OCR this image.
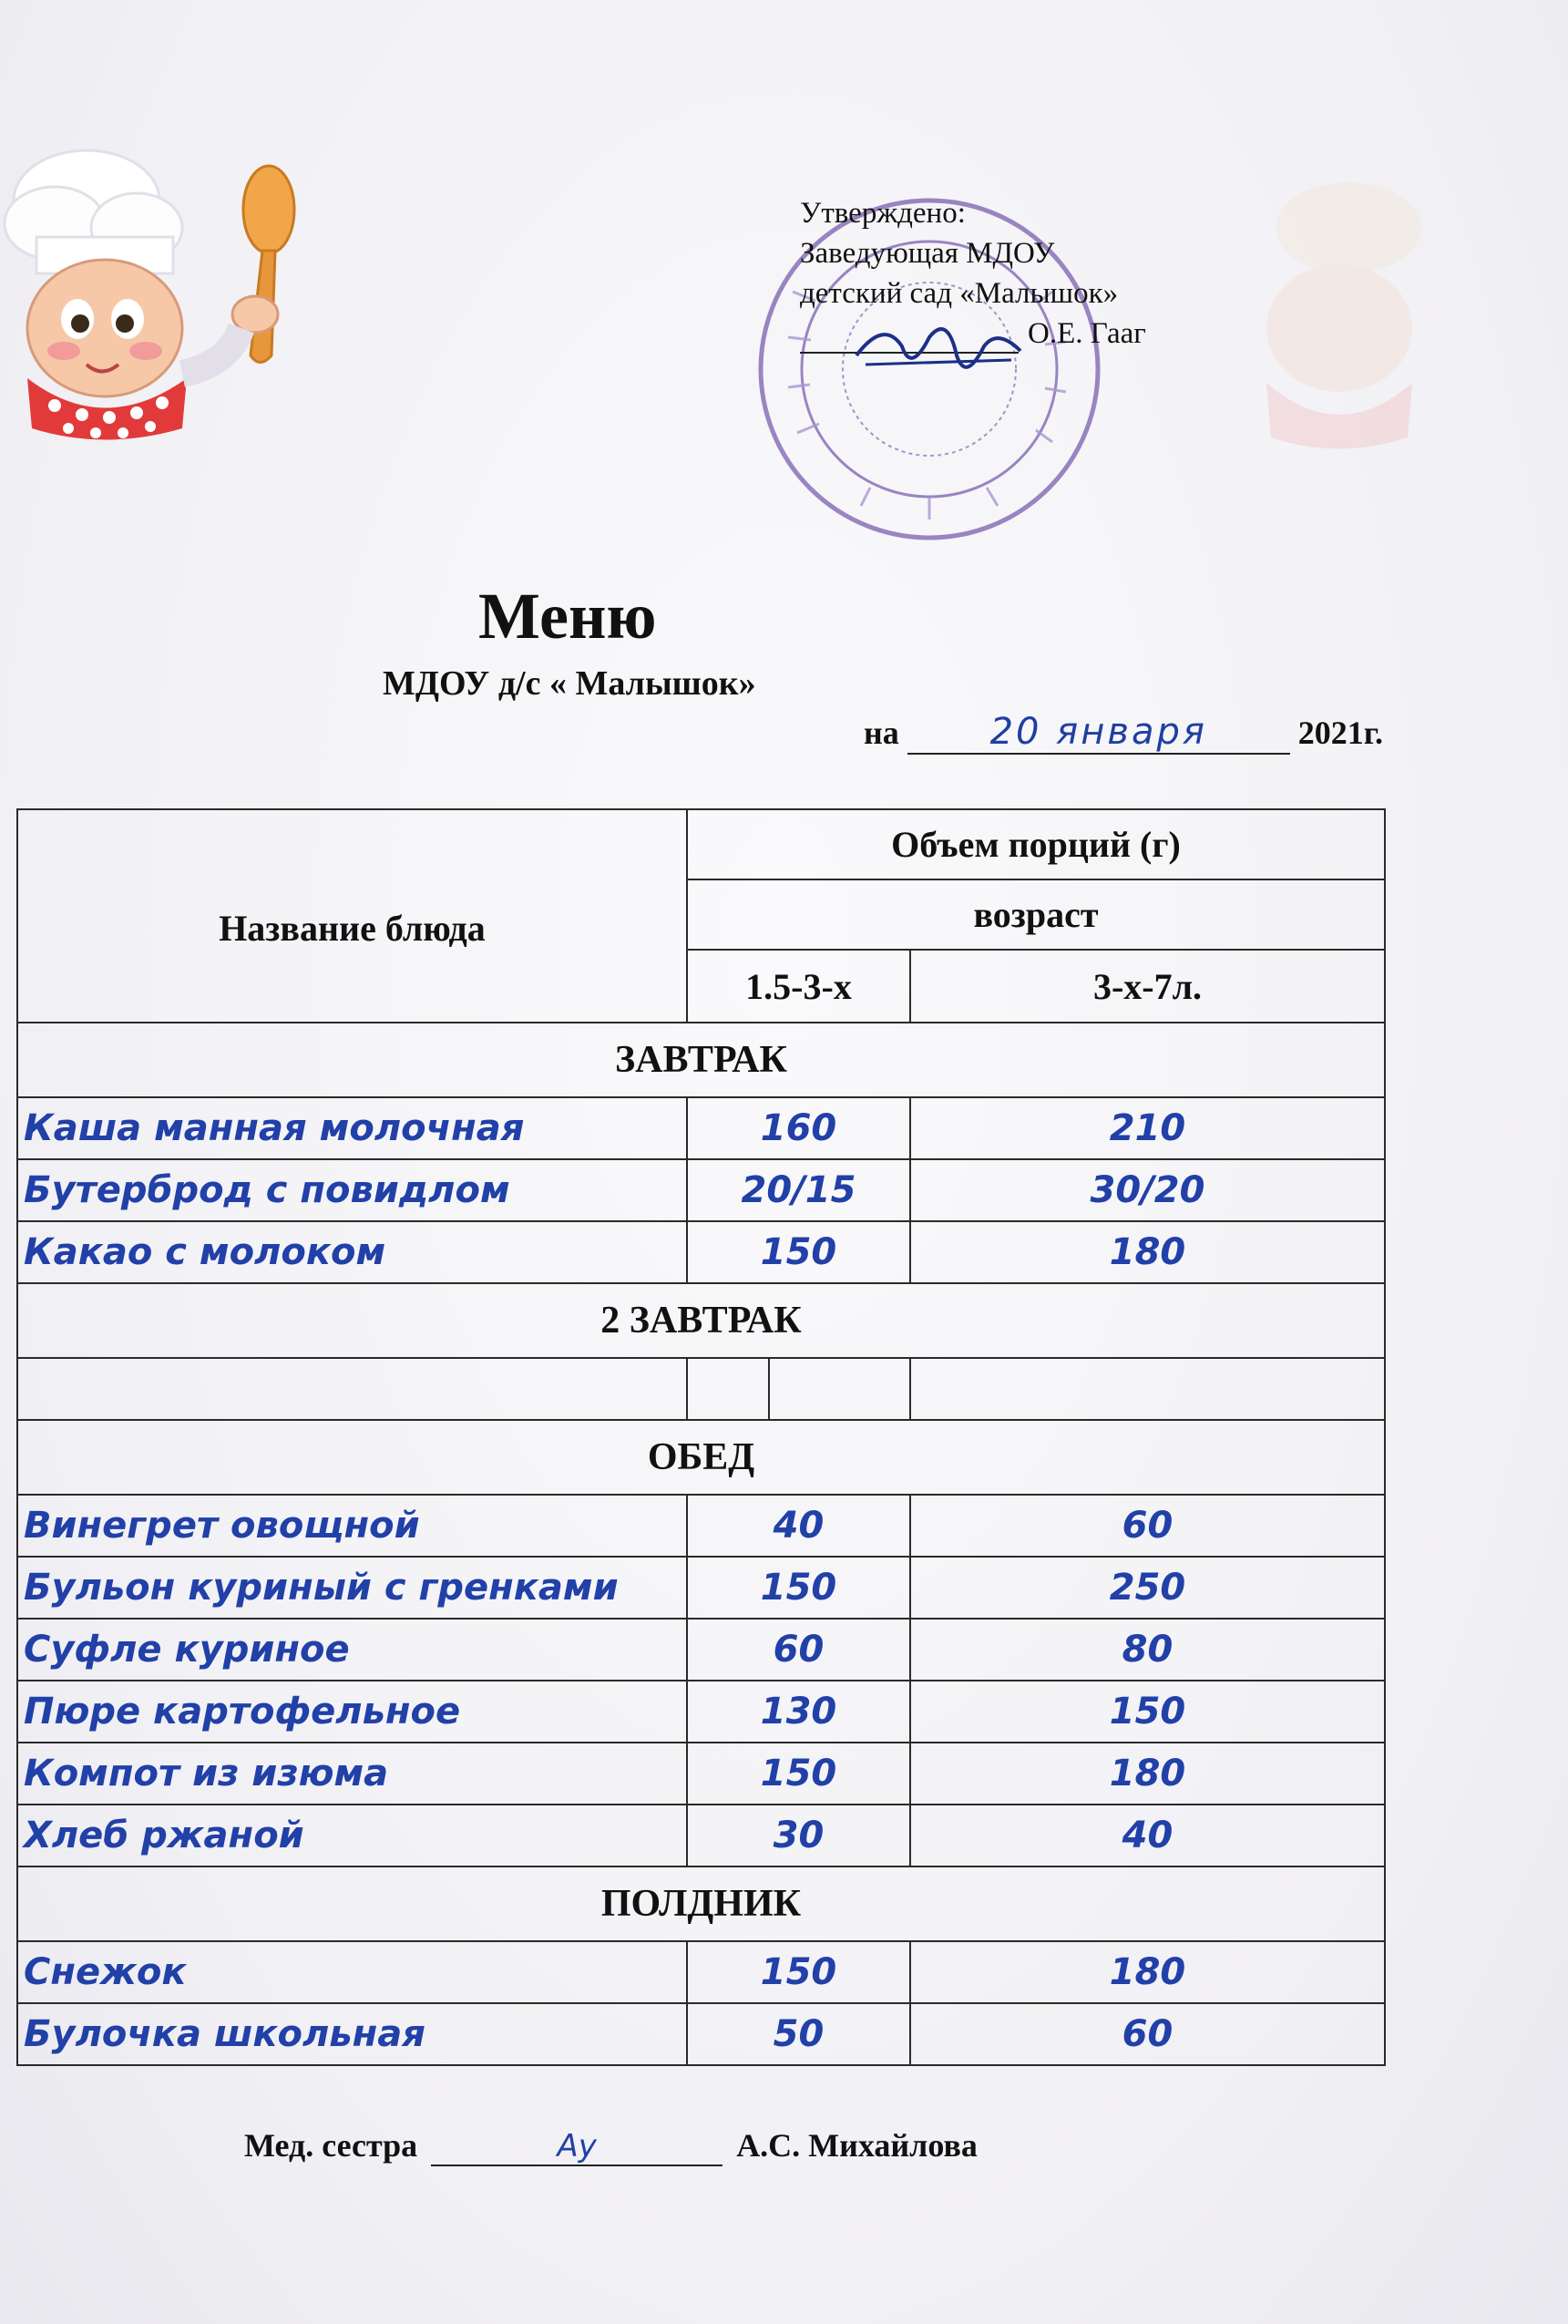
Утверждено:
Заведующая МДОУ
детский сад «Малышок»
О.Е. Гааг
Меню
МДОУ д/с « Малышок»
на 20 января	2021г.
Название блюда	Объем порций (г)		
	возраст		
	1.5-3-х		3-х-7л.
ЗАВТРАК			
Каша манная молочная	160		210
Бутерброд с повидлом	20/15		30/20
Какао с молоком	150		180
2 ЗАВТРАК			

ОБЕД			
Винегрет овощной	40		60
Бульон куриный с гренками	150		250
Суфле куриное	60		80
Пюре картофельное	130		150
Компот из изюма	150		180
Хлеб ржаной	30		40
ПОЛДНИК			
Снежок	150		180
Булочка школьная	50		60
Мед. сестра	Ау	А.С. Михайлова
